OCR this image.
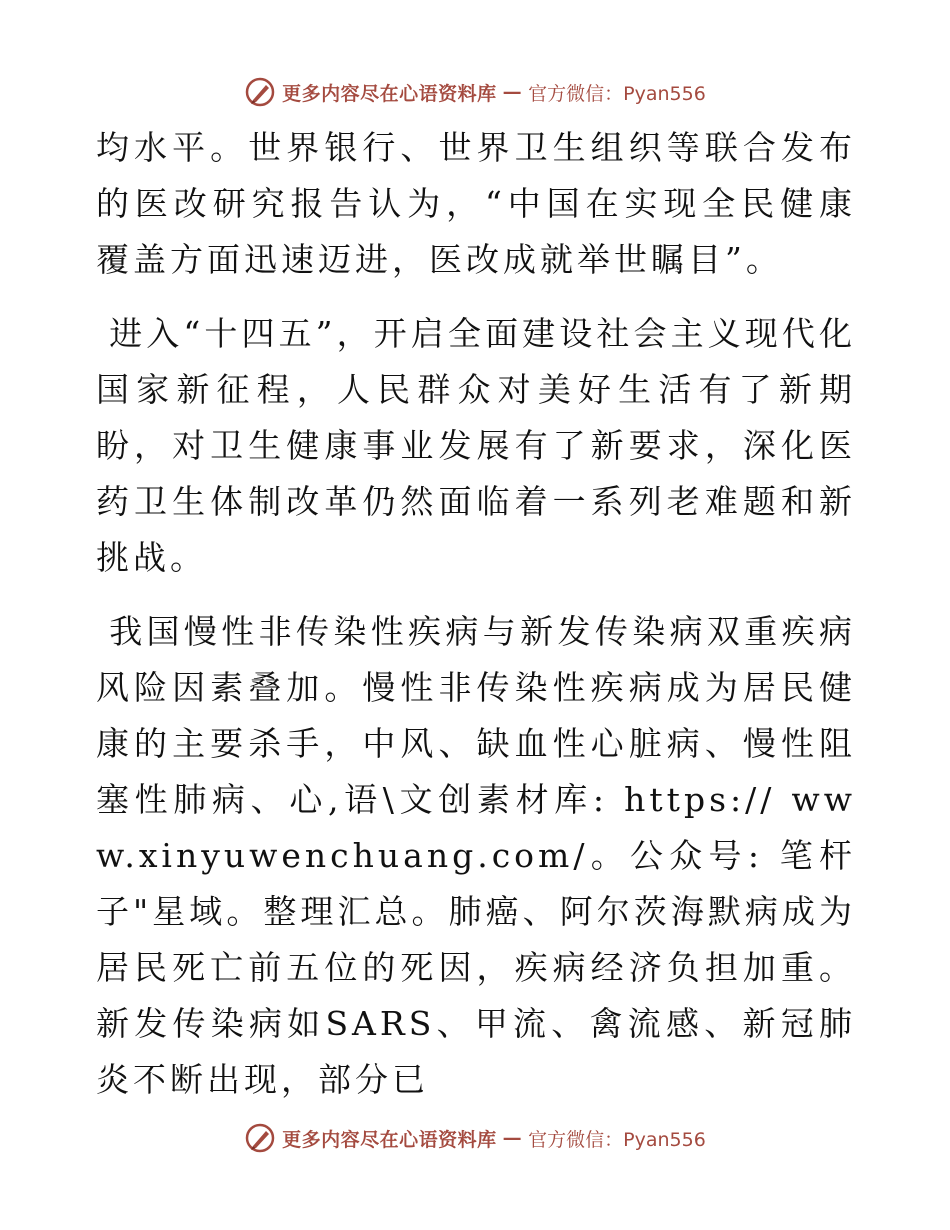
更多内容尽在心语资料库 — 官方微信：Pyan556

均水平。世界银行、世界卫生组织等联合发布的医改研究报告认为，“中国在实现全民健康覆盖方面迅速迈进，医改成就举世瞩目”。

进入“十四五”，开启全面建设社会主义现代化国家新征程，人民群众对美好生活有了新期盼，对卫生健康事业发展有了新要求，深化医药卫生体制改革仍然面临着一系列老难题和新挑战。

我国慢性非传染性疾病与新发传染病双重疾病风险因素叠加。慢性非传染性疾病成为居民健康的主要杀手，中风、缺血性心脏病、慢性阻塞性肺病、心,语\文创素材库: https:// www.xinyuwenchuang.com/。公众号: 笔杆子"星域。整理汇总。肺癌、阿尔茨海默病成为居民死亡前五位的死因，疾病经济负担加重。新发传染病如SARS、甲流、禽流感、新冠肺炎不断出现，部分已

更多内容尽在心语资料库 — 官方微信：Pyan556
